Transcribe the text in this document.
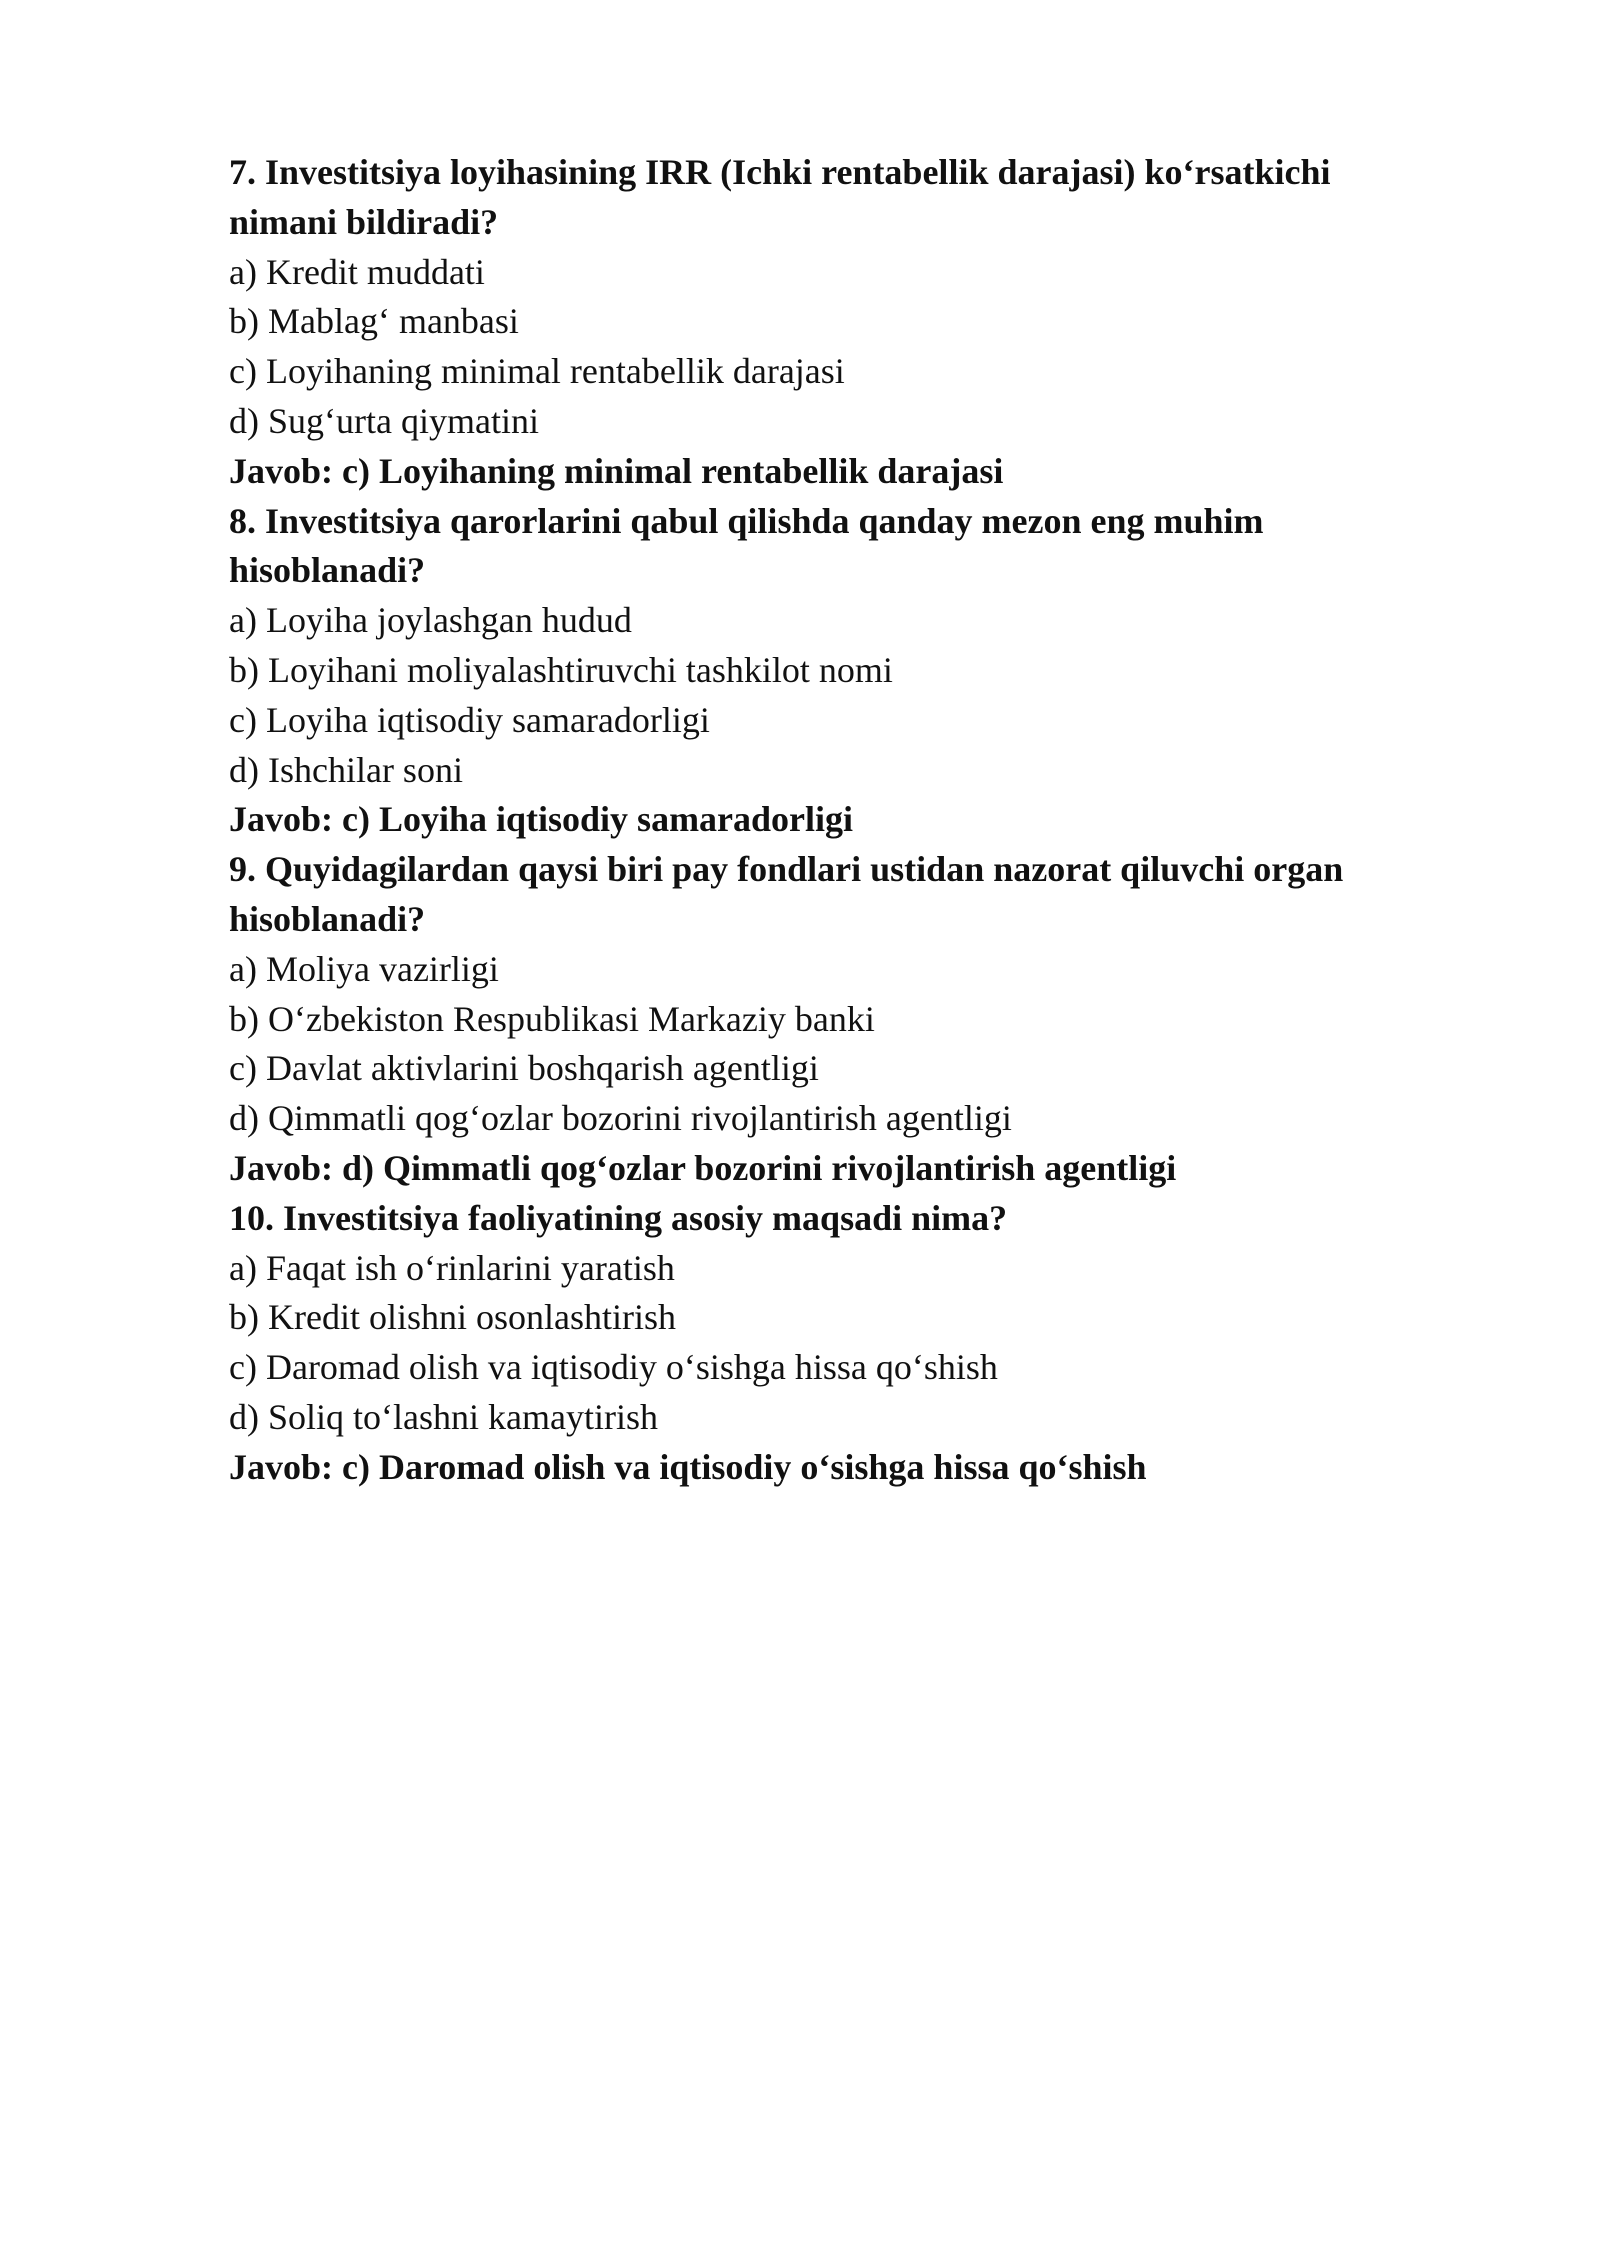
7. Investitsiya loyihasining IRR (Ichki rentabellik darajasi) ko‘rsatkichi nimani bildiradi?

a) Kredit muddati

b) Mablag‘ manbasi

c) Loyihaning minimal rentabellik darajasi

d) Sug‘urta qiymatini

Javob: c) Loyihaning minimal rentabellik darajasi

8. Investitsiya qarorlarini qabul qilishda qanday mezon eng muhim hisoblanadi?

a) Loyiha joylashgan hudud

b) Loyihani moliyalashtiruvchi tashkilot nomi

c) Loyiha iqtisodiy samaradorligi

d) Ishchilar soni

Javob: c) Loyiha iqtisodiy samaradorligi

9. Quyidagilardan qaysi biri pay fondlari ustidan nazorat qiluvchi organ hisoblanadi?

a) Moliya vazirligi

b) O‘zbekiston Respublikasi Markaziy banki

c) Davlat aktivlarini boshqarish agentligi

d) Qimmatli qog‘ozlar bozorini rivojlantirish agentligi

Javob: d) Qimmatli qog‘ozlar bozorini rivojlantirish agentligi

10. Investitsiya faoliyatining asosiy maqsadi nima?

a) Faqat ish o‘rinlarini yaratish

b) Kredit olishni osonlashtirish

c) Daromad olish va iqtisodiy o‘sishga hissa qo‘shish

d) Soliq to‘lashni kamaytirish

Javob: c) Daromad olish va iqtisodiy o‘sishga hissa qo‘shish
